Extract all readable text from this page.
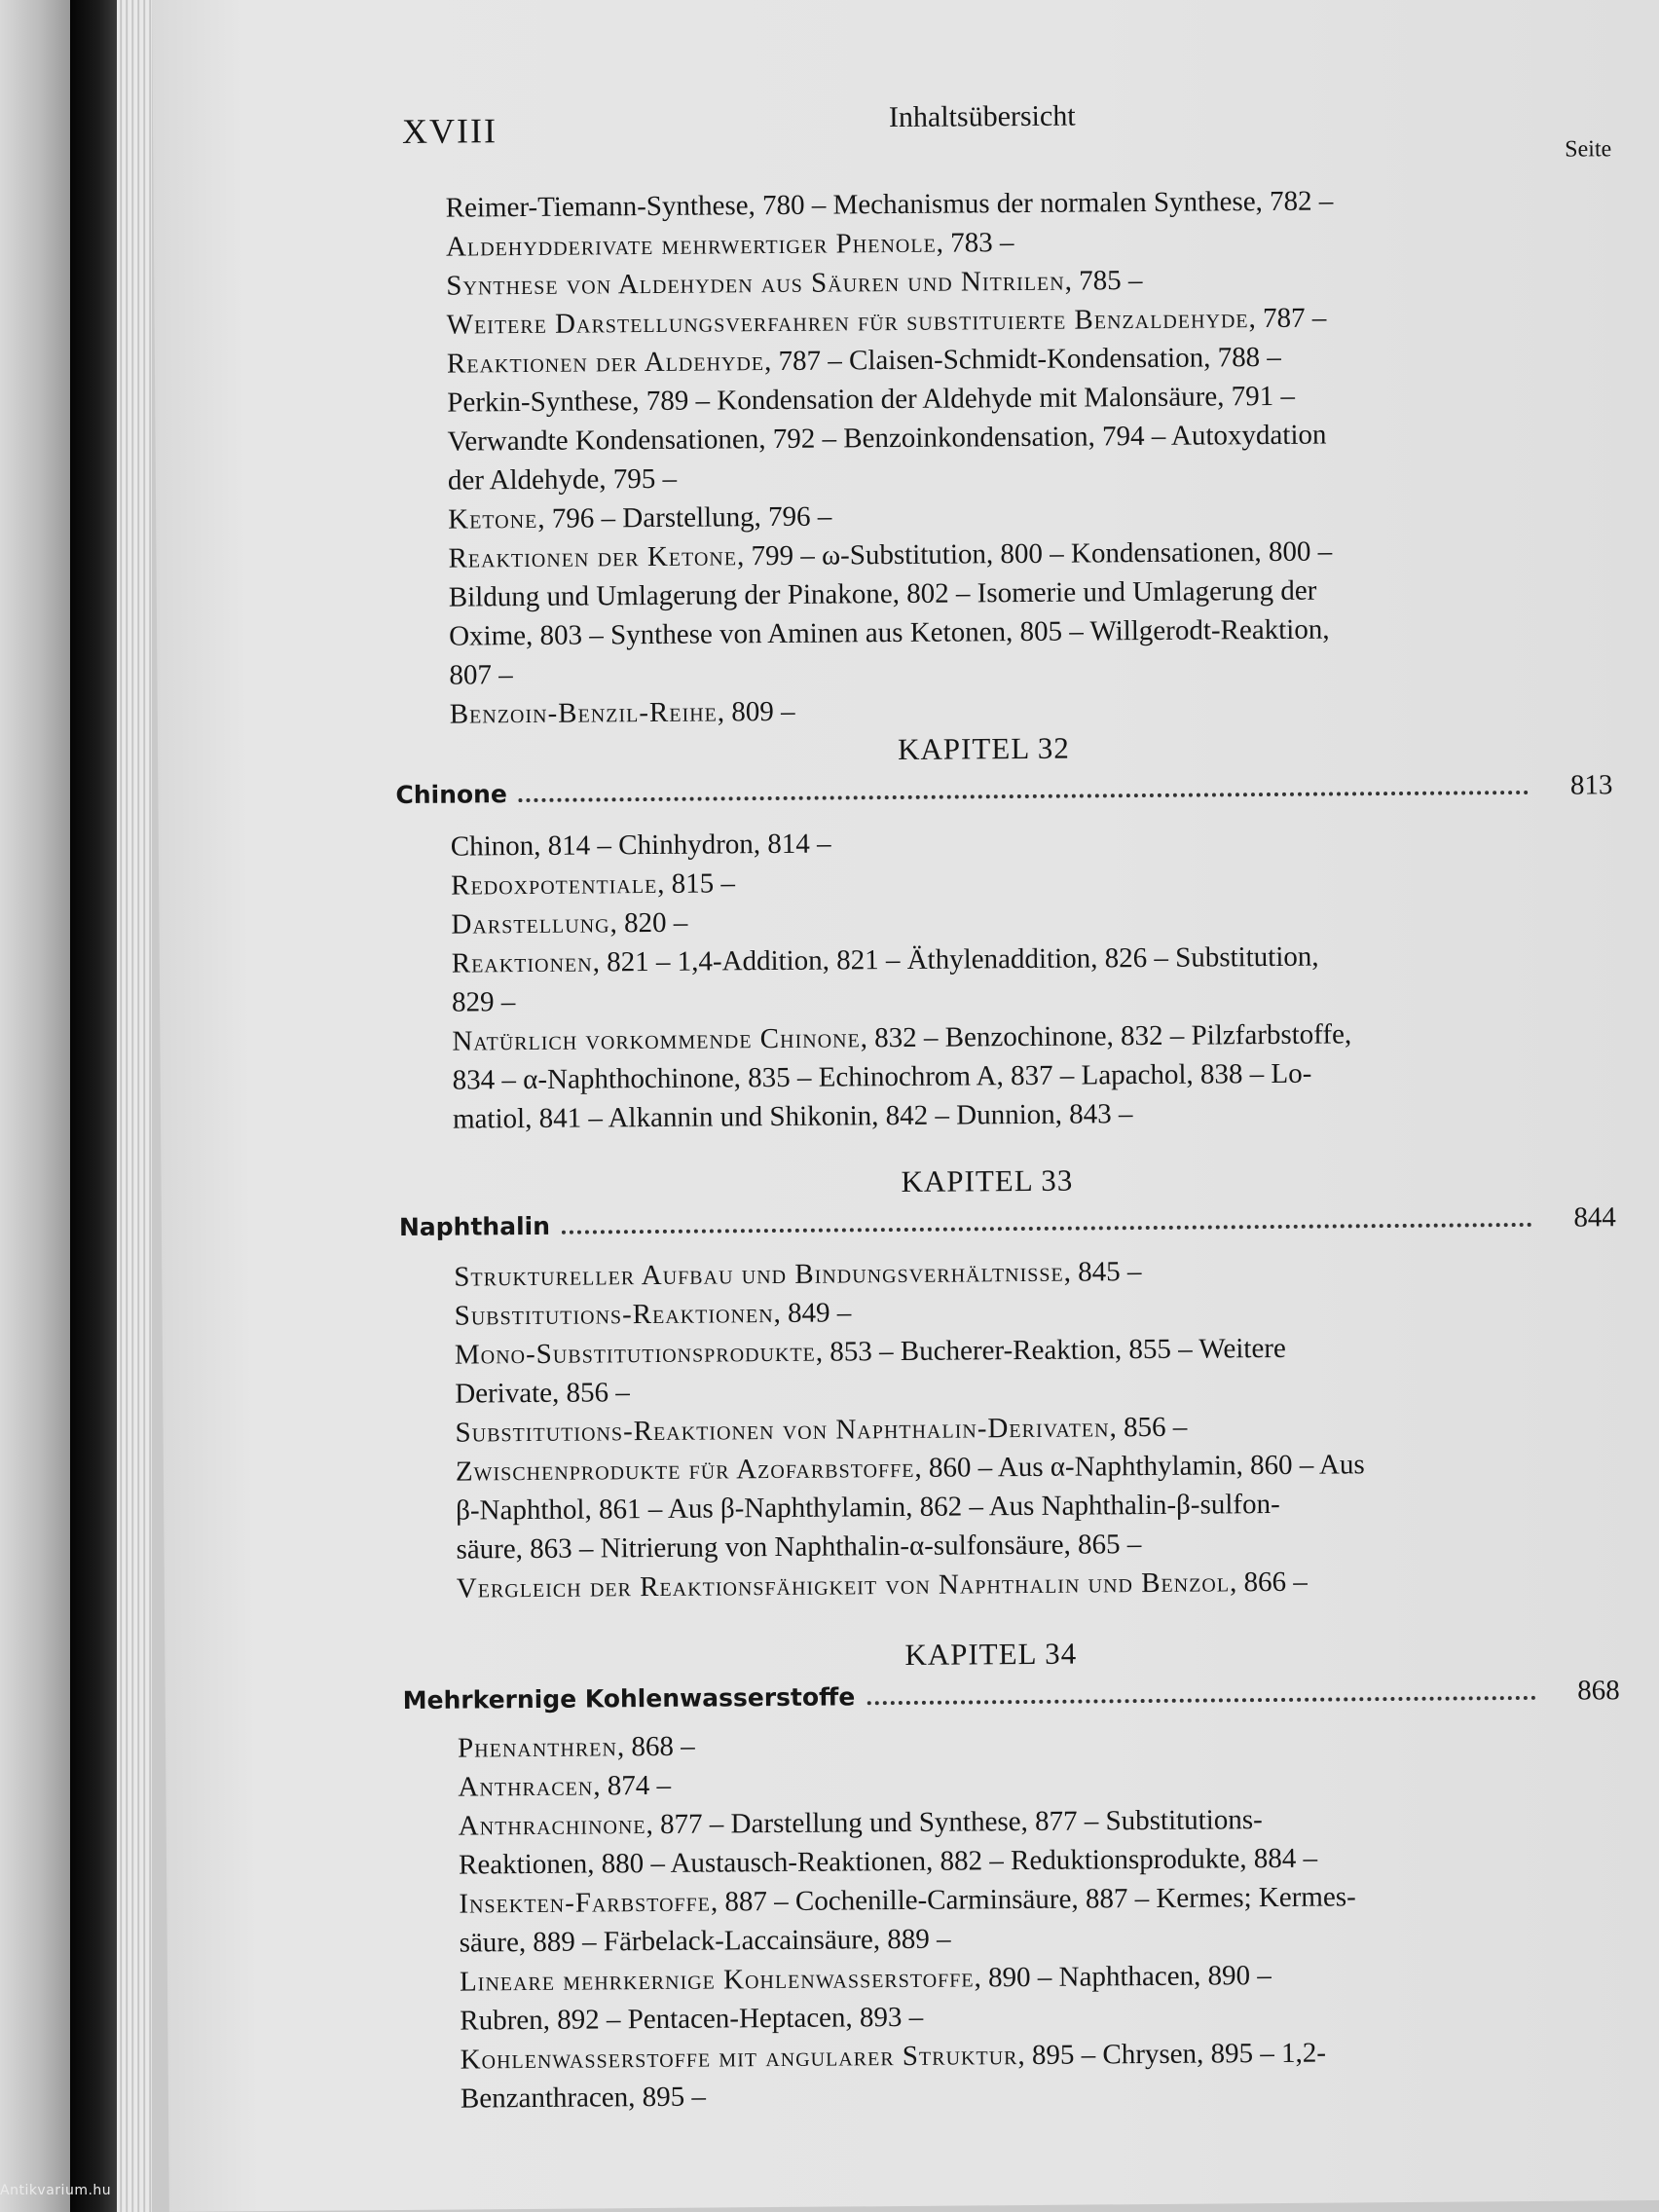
XVIII	Inhaltsübersicht
Seite
Reimer-Tiemann-Synthese, 780 – Mechanismus der normalen Synthese, 782 –
Aldehydderivate mehrwertiger Phenole, 783 –
Synthese von Aldehyden aus Säuren und Nitrilen, 785 –
Weitere Darstellungsverfahren für substituierte Benzaldehyde, 787 –
Reaktionen der Aldehyde, 787 – Claisen-Schmidt-Kondensation, 788 –
Perkin-Synthese, 789 – Kondensation der Aldehyde mit Malonsäure, 791 –
Verwandte Kondensationen, 792 – Benzoinkondensation, 794 – Autoxydation
der Aldehyde, 795 –
Ketone, 796 – Darstellung, 796 –
Reaktionen der Ketone, 799 – ω-Substitution, 800 – Kondensationen, 800 –
Bildung und Umlagerung der Pinakone, 802 – Isomerie und Umlagerung der
Oxime, 803 – Synthese von Aminen aus Ketonen, 805 – Willgerodt-Reaktion,
807 –
Benzoin-Benzil-Reihe, 809 –
KAPITEL 32
Chinone	813
Chinon, 814 – Chinhydron, 814 –
Redoxpotentiale, 815 –
Darstellung, 820 –
Reaktionen, 821 – 1,4-Addition, 821 – Äthylenaddition, 826 – Substitution,
829 –
Natürlich vorkommende Chinone, 832 – Benzochinone, 832 – Pilzfarbstoffe,
834 – α-Naphthochinone, 835 – Echinochrom A, 837 – Lapachol, 838 – Lo-
matiol, 841 – Alkannin und Shikonin, 842 – Dunnion, 843 –
KAPITEL 33
Naphthalin	844
Struktureller Aufbau und Bindungsverhältnisse, 845 –
Substitutions-Reaktionen, 849 –
Mono-Substitutionsprodukte, 853 – Bucherer-Reaktion, 855 – Weitere
Derivate, 856 –
Substitutions-Reaktionen von Naphthalin-Derivaten, 856 –
Zwischenprodukte für Azofarbstoffe, 860 – Aus α-Naphthylamin, 860 – Aus
β-Naphthol, 861 – Aus β-Naphthylamin, 862 – Aus Naphthalin-β-sulfon-
säure, 863 – Nitrierung von Naphthalin-α-sulfonsäure, 865 –
Vergleich der Reaktionsfähigkeit von Naphthalin und Benzol, 866 –
KAPITEL 34
Mehrkernige Kohlenwasserstoffe	868
Phenanthren, 868 –
Anthracen, 874 –
Anthrachinone, 877 – Darstellung und Synthese, 877 – Substitutions-
Reaktionen, 880 – Austausch-Reaktionen, 882 – Reduktionsprodukte, 884 –
Insekten-Farbstoffe, 887 – Cochenille-Carminsäure, 887 – Kermes; Kermes-
säure, 889 – Färbelack-Laccainsäure, 889 –
Lineare mehrkernige Kohlenwasserstoffe, 890 – Naphthacen, 890 –
Rubren, 892 – Pentacen-Heptacen, 893 –
Kohlenwasserstoffe mit angularer Struktur, 895 – Chrysen, 895 – 1,2-
Benzanthracen, 895 –
Antikvarium.hu
